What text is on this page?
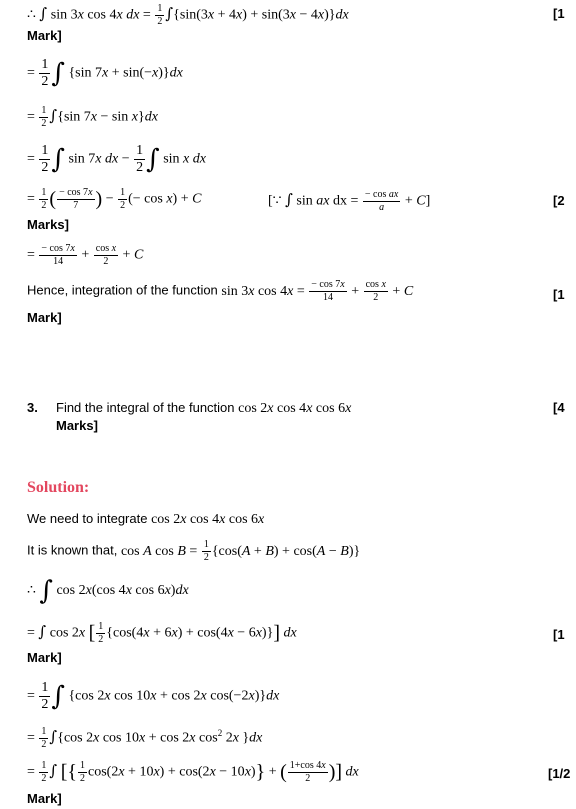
∴ ∫ sin 3x cos 4x dx = $\frac{1}{2} \int\{\sin(3x + 4x) + \sin(3x - 4x)\}dx$	[1
Mark]
= $\frac{1}{2}$ ∫ {sin 7x + sin(−x)}dx
= $\frac{1}{2} \int\{\sin$ 7x − sin x}dx
= $\frac{1}{2}$ ∫ sin 7x dx − $\frac{1}{2}$ ∫ sin x dx
= $\frac{1}{2}$ ( $\frac{- \cos 7x}{7}$ ) − $\frac{1}{2}$ (− cos x) + C	[∵ ∫ sin ax dx = $\frac{\text{− cos ax}}{a} + C$]	[2
Marks]
= $\frac{- \cos 7x}{14} + \frac{\text{cos x}}{2} + C$
Hence, integration of the function sin 3x $\cos 4x = \frac{- \cos 7x}{14} + \frac{\text{cos x}}{2} + C$	[1
Mark]
3. Find the integral of the function cos 2x cos 4x cos 6x	[4
Marks]
Solution:
We need to integrate cos 2x cos 4x cos 6x
It is known that, cos A $\cos B = \frac{1}{2} \{\cos(A + B) + \cos(A - B)\}$
∴ ∫ cos 2x(cos 4x cos 6x)dx
= ∫ cos 2x [ $\frac{1}{2} \{\cos(4x + 6x) + \cos(4x - 6x)\}$] dx	[1
Mark]
= $\frac{1}{2}$ ∫ {cos 2x cos 10x + cos 2x cos(−2x)}dx
= $\frac{1}{2} \int\{\cos$ 2x cos 10x + cos 2x $\cos^2 2x$ }dx
= $\frac{1}{2}$ ∫ [{ $\frac{1}{2} \cos(2x + 10x) + \cos(2x - 10x)$} + ( $\frac{1+\cos 4x}{2}$ )] dx	[1/2
Mark]
